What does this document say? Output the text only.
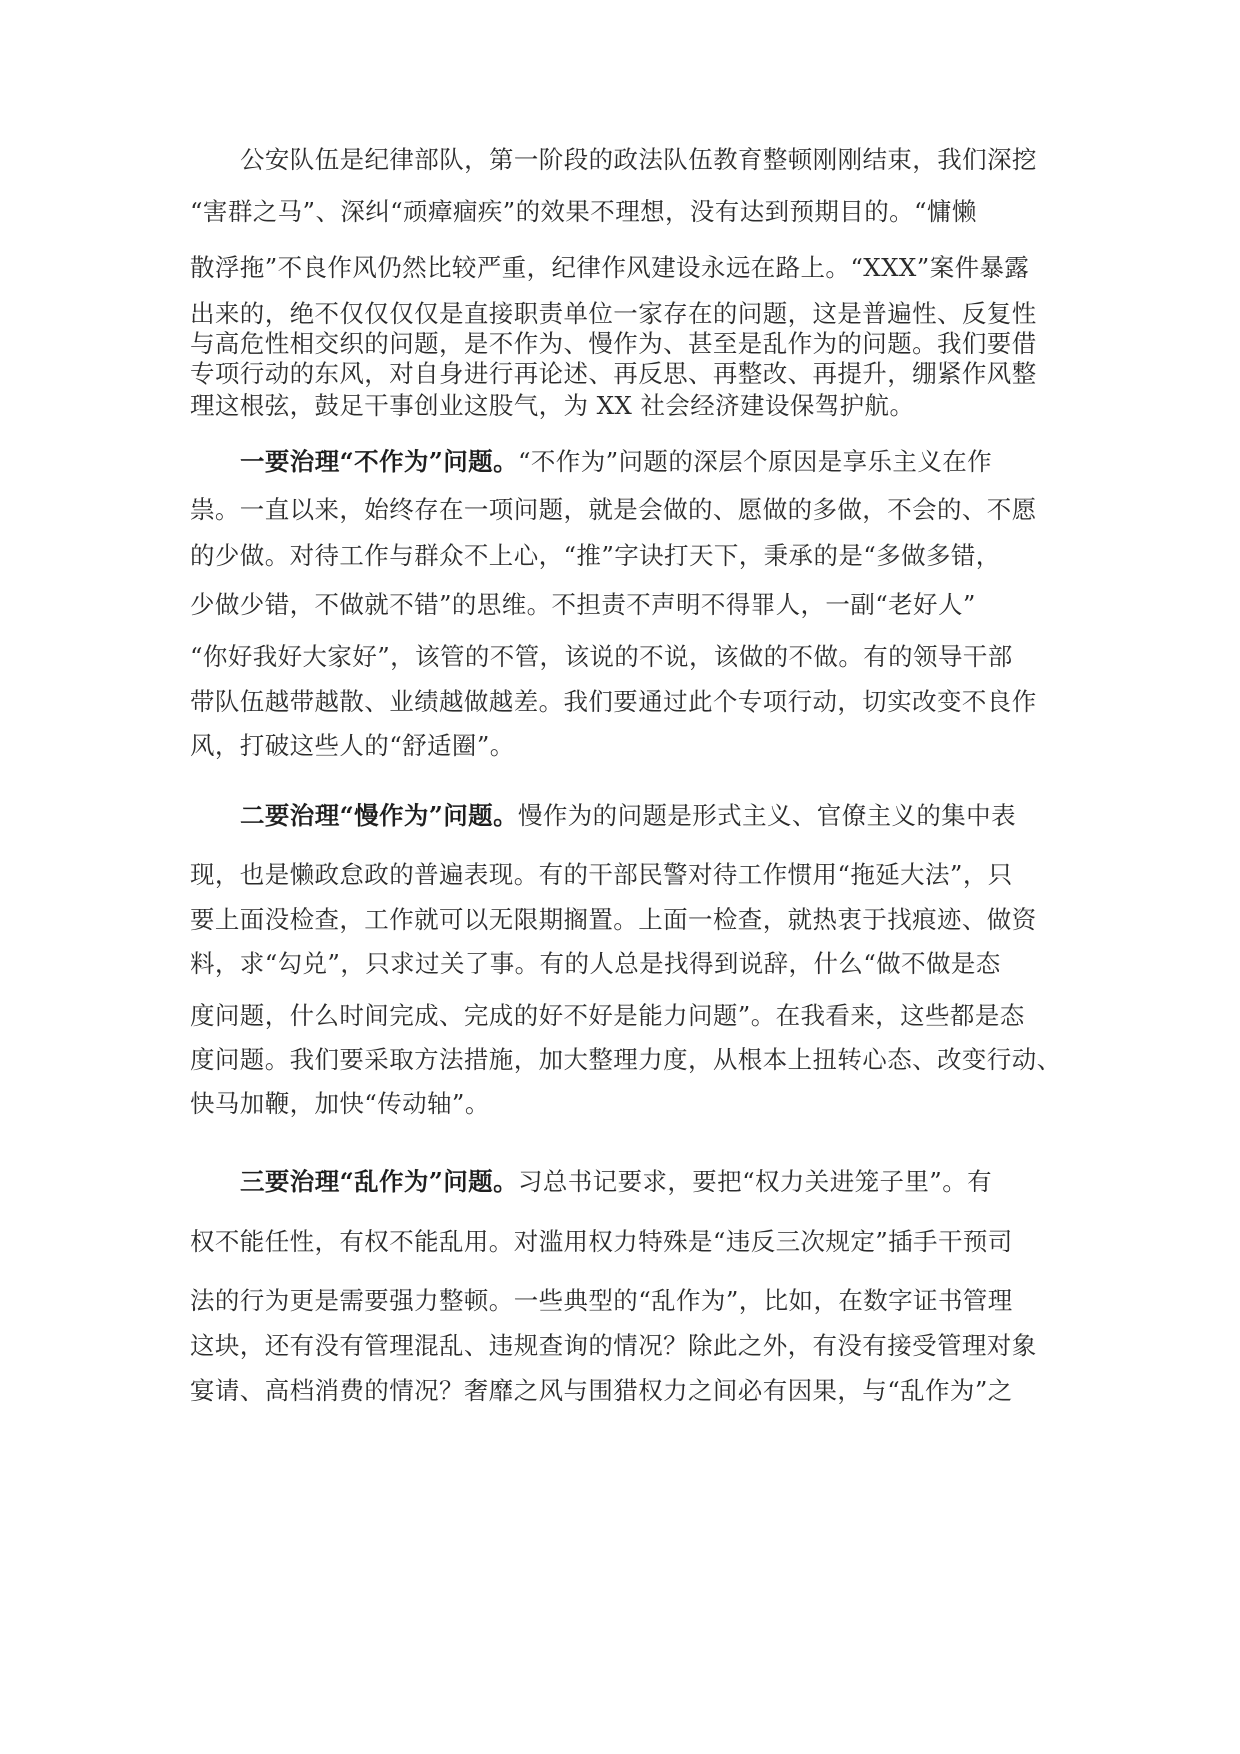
公安队伍是纪律部队，第一阶段的政法队伍教育整顿刚刚结束，我们深挖
“害群之马”、深纠“顽瘴痼疾”的效果不理想，没有达到预期目的。“慵懒
散浮拖”不良作风仍然比较严重，纪律作风建设永远在路上。“XXX”案件暴露
出来的，绝不仅仅仅仅是直接职责单位一家存在的问题，这是普遍性、反复性
与高危性相交织的问题，是不作为、慢作为、甚至是乱作为的问题。我们要借
专项行动的东风，对自身进行再论述、再反思、再整改、再提升，绷紧作风整
理这根弦，鼓足干事创业这股气，为 XX 社会经济建设保驾护航。
一要治理“不作为”问题。“不作为”问题的深层个原因是享乐主义在作
祟。一直以来，始终存在一项问题，就是会做的、愿做的多做，不会的、不愿
的少做。对待工作与群众不上心，“推”字诀打天下，秉承的是“多做多错，
少做少错，不做就不错”的思维。不担责不声明不得罪人，一副“老好人”
“你好我好大家好”，该管的不管，该说的不说，该做的不做。有的领导干部
带队伍越带越散、业绩越做越差。我们要通过此个专项行动，切实改变不良作
风，打破这些人的“舒适圈”。
二要治理“慢作为”问题。慢作为的问题是形式主义、官僚主义的集中表
现，也是懒政怠政的普遍表现。有的干部民警对待工作惯用“拖延大法”，只
要上面没检查，工作就可以无限期搁置。上面一检查，就热衷于找痕迹、做资
料，求“勾兑”，只求过关了事。有的人总是找得到说辞，什么“做不做是态
度问题，什么时间完成、完成的好不好是能力问题”。在我看来，这些都是态
度问题。我们要采取方法措施，加大整理力度，从根本上扭转心态、改变行动、
快马加鞭，加快“传动轴”。
三要治理“乱作为”问题。习总书记要求，要把“权力关进笼子里”。有
权不能任性，有权不能乱用。对滥用权力特殊是“违反三次规定”插手干预司
法的行为更是需要强力整顿。一些典型的“乱作为”，比如，在数字证书管理
这块，还有没有管理混乱、违规查询的情况？除此之外，有没有接受管理对象
宴请、高档消费的情况？奢靡之风与围猎权力之间必有因果，与“乱作为”之
